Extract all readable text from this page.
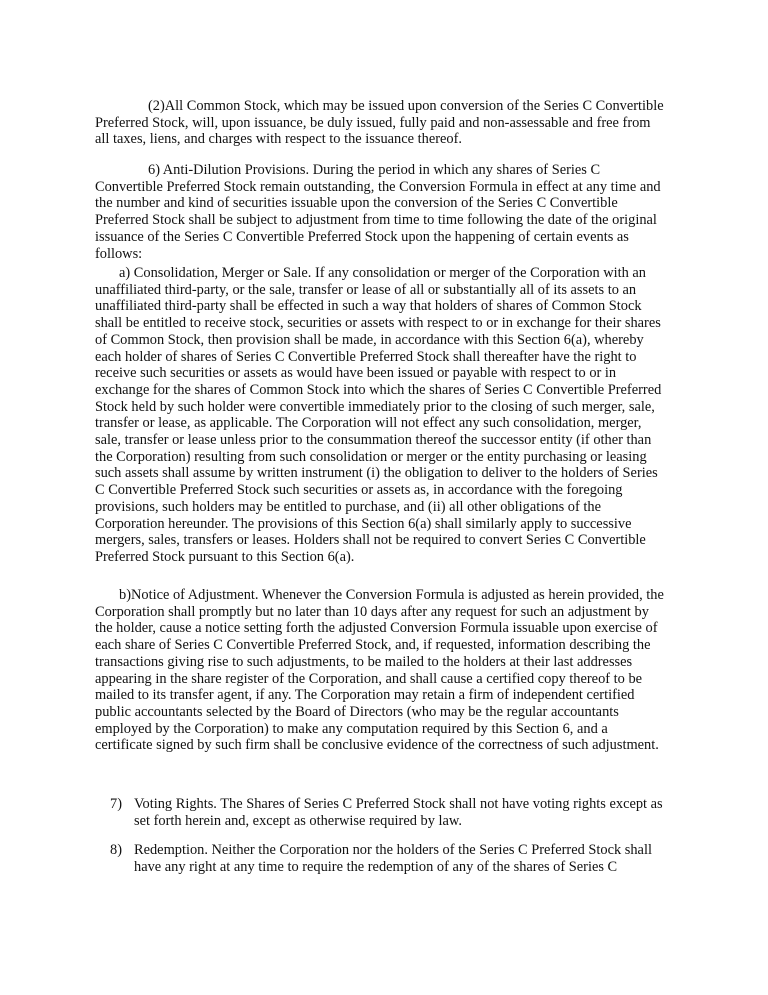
(2)All Common Stock, which may be issued upon conversion of the Series C Convertible Preferred Stock, will, upon issuance, be duly issued, fully paid and non-assessable and free from all taxes, liens, and charges with respect to the issuance thereof.

6) Anti-Dilution Provisions. During the period in which any shares of Series C Convertible Preferred Stock remain outstanding, the Conversion Formula in effect at any time and the number and kind of securities issuable upon the conversion of the Series C Convertible Preferred Stock shall be subject to adjustment from time to time following the date of the original issuance of the Series C Convertible Preferred Stock upon the happening of certain events as follows:

a) Consolidation, Merger or Sale. If any consolidation or merger of the Corporation with an unaffiliated third-party, or the sale, transfer or lease of all or substantially all of its assets to an unaffiliated third-party shall be effected in such a way that holders of shares of Common Stock shall be entitled to receive stock, securities or assets with respect to or in exchange for their shares of Common Stock, then provision shall be made, in accordance with this Section 6(a), whereby each holder of shares of Series C Convertible Preferred Stock shall thereafter have the right to receive such securities or assets as would have been issued or payable with respect to or in exchange for the shares of Common Stock into which the shares of Series C Convertible Preferred Stock held by such holder were convertible immediately prior to the closing of such merger, sale, transfer or lease, as applicable. The Corporation will not effect any such consolidation, merger, sale, transfer or lease unless prior to the consummation thereof the successor entity (if other than the Corporation) resulting from such consolidation or merger or the entity purchasing or leasing such assets shall assume by written instrument (i) the obligation to deliver to the holders of Series C Convertible Preferred Stock such securities or assets as, in accordance with the foregoing provisions, such holders may be entitled to purchase, and (ii) all other obligations of the Corporation hereunder. The provisions of this Section 6(a) shall similarly apply to successive mergers, sales, transfers or leases. Holders shall not be required to convert Series C Convertible Preferred Stock pursuant to this Section 6(a).

b)Notice of Adjustment. Whenever the Conversion Formula is adjusted as herein provided, the Corporation shall promptly but no later than 10 days after any request for such an adjustment by the holder, cause a notice setting forth the adjusted Conversion Formula issuable upon exercise of each share of Series C Convertible Preferred Stock, and, if requested, information describing the transactions giving rise to such adjustments, to be mailed to the holders at their last addresses appearing in the share register of the Corporation, and shall cause a certified copy thereof to be mailed to its transfer agent, if any. The Corporation may retain a firm of independent certified public accountants selected by the Board of Directors (who may be the regular accountants employed by the Corporation) to make any computation required by this Section 6, and a certificate signed by such firm shall be conclusive evidence of the correctness of such adjustment.

7) Voting Rights. The Shares of Series C Preferred Stock shall not have voting rights except as set forth herein and, except as otherwise required by law.
8) Redemption. Neither the Corporation nor the holders of the Series C Preferred Stock shall have any right at any time to require the redemption of any of the shares of Series C
